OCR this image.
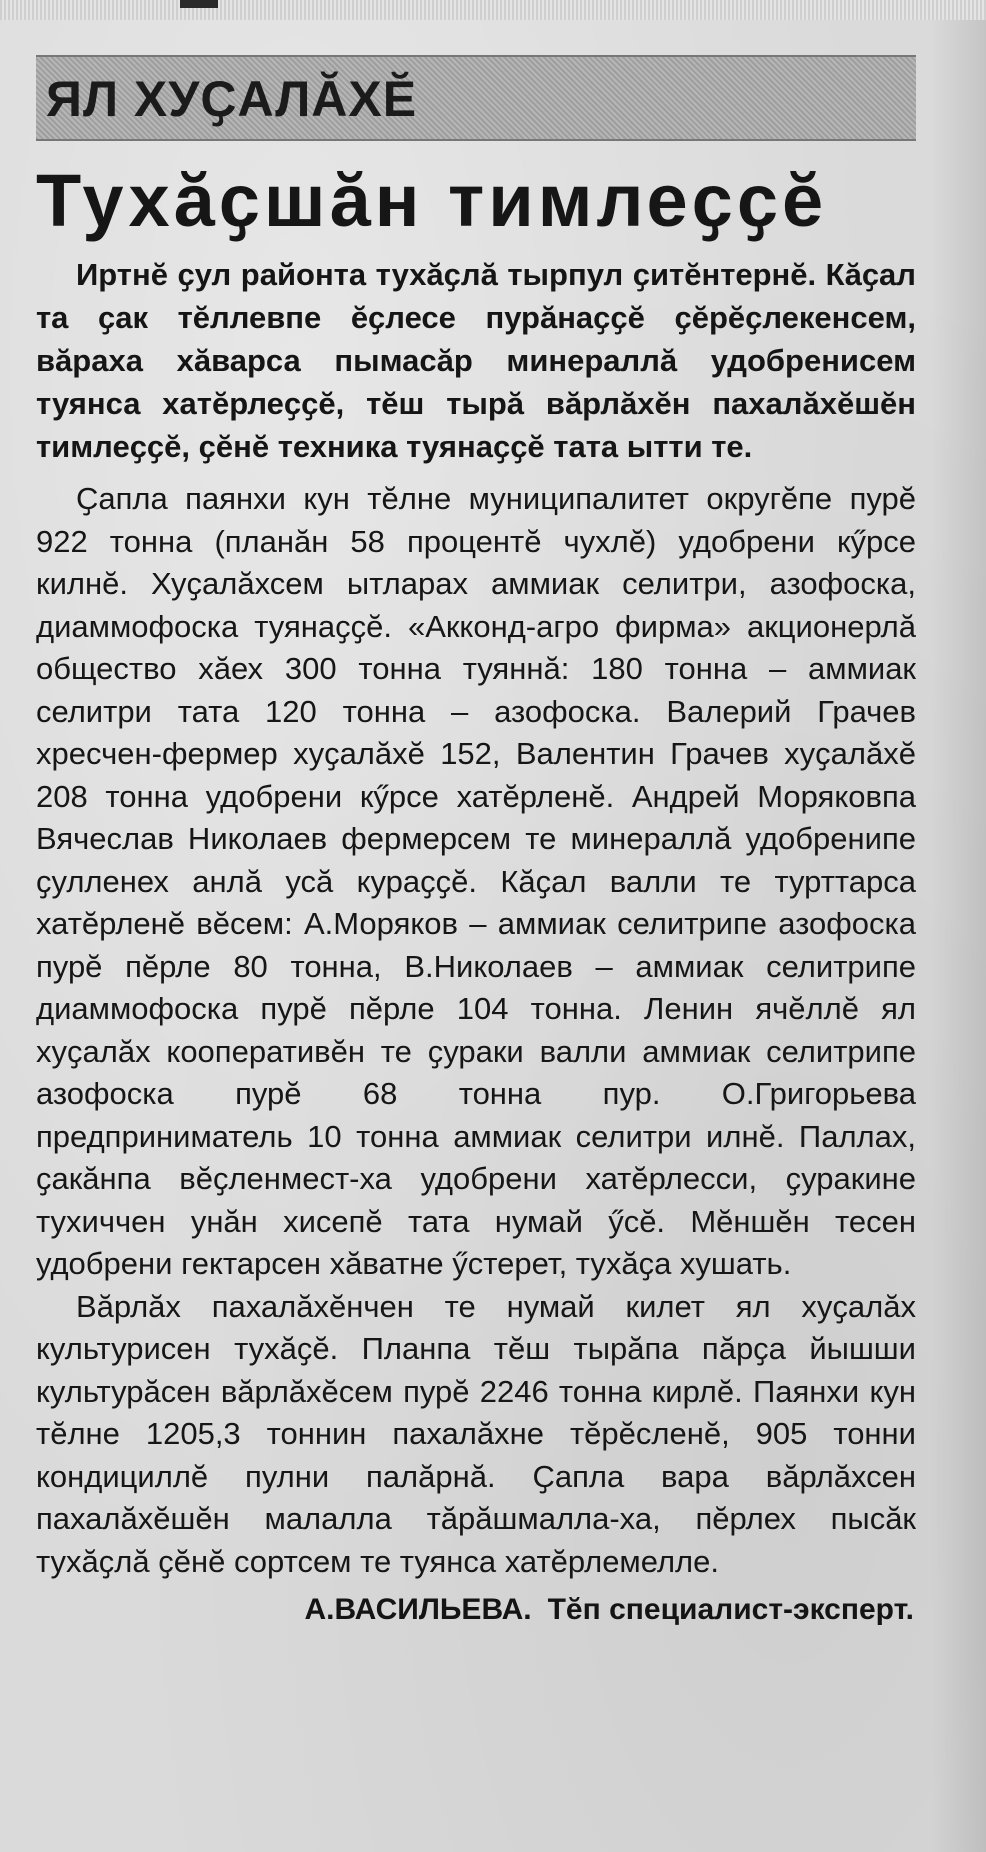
ЯЛ ХУҪАЛӐХӖ
Тухӑҫшӑн тимлеҫҫӗ

Иртнӗ ҫул районта тухӑҫлӑ тырпул ҫитӗнтернӗ. Кӑҫал та ҫак тӗллевпе ӗҫлесе пурӑнаҫҫӗ ҫӗрӗҫлекенсем, вӑраха хӑварса пымасӑр минераллӑ удобренисем туянса хатӗрлеҫҫӗ, тӗш тырӑ вӑрлӑхӗн пахалӑхӗшӗн тимлеҫҫӗ, ҫӗнӗ техника туянаҫҫӗ тата ытти те.

Ҫапла паянхи кун тӗлне муниципалитет округӗпе пурӗ 922 тонна (планӑн 58 процентӗ чухлӗ) удобрени кӳрсе килнӗ. Хуҫалӑхсем ытларах аммиак селитри, азофоска, диаммофоска туянаҫҫӗ. «Акконд-агро фирма» акционерлӑ общество хӑех 300 тонна туяннӑ: 180 тонна – аммиак селитри тата 120 тонна – азофоска. Валерий Грачев хресчен-фермер хуҫалӑхӗ 152, Валентин Грачев хуҫалӑхӗ 208 тонна удобрени кӳрсе хатӗрленӗ. Андрей Моряковпа Вячеслав Николаев фермерсем те минераллӑ удобренипе ҫулленех анлӑ усӑ кураҫҫӗ. Кӑҫал валли те турттарса хатӗрленӗ вӗсем: А.Моряков – аммиак селитрипе азофоска пурӗ пӗрле 80 тонна, В.Николаев – аммиак селитрипе диаммофоска пурӗ пӗрле 104 тонна. Ленин ячӗллӗ ял хуҫалӑх кооперативӗн те ҫураки валли аммиак селитрипе азофоска пурӗ 68 тонна пур. О.Григорьева предприниматель 10 тонна аммиак селитри илнӗ. Паллах, ҫакӑнпа вӗҫленмест-ха удобрени хатӗрлесси, ҫуракине тухиччен унӑн хисепӗ тата нумай ӳсӗ. Мӗншӗн тесен удобрени гектарсен хӑватне ӳстерет, тухӑҫа хушать.

Вӑрлӑх пахалӑхӗнчен те нумай килет ял хуҫалӑх культурисен тухӑҫӗ. Планпа тӗш тырӑпа пӑрҫа йышши культурӑсен вӑрлӑхӗсем пурӗ 2246 тонна кирлӗ. Паянхи кун тӗлне 1205,3 тоннин пахалӑхне тӗрӗсленӗ, 905 тонни кондициллӗ пулни палӑрнӑ. Ҫапла вара вӑрлӑхсен пахалӑхӗшӗн малалла тӑрӑшмалла-ха, пӗрлех пысӑк тухӑҫлӑ ҫӗнӗ сортсем те туянса хатӗрлемелле.

А.ВАСИЛЬЕВА. Тӗп специалист-эксперт.
